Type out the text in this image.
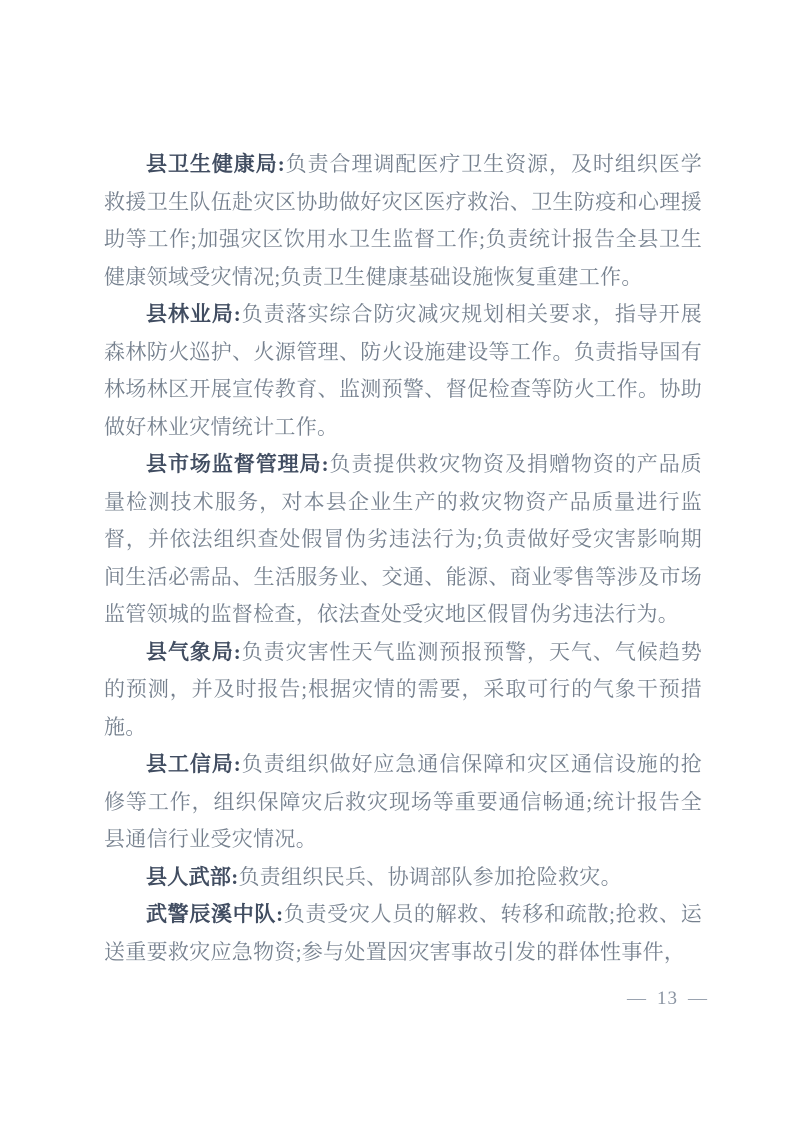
县卫生健康局:负责合理调配医疗卫生资源，及时组织医学救援卫生队伍赴灾区协助做好灾区医疗救治、卫生防疫和心理援助等工作;加强灾区饮用水卫生监督工作;负责统计报告全县卫生健康领域受灾情况;负责卫生健康基础设施恢复重建工作。

县林业局:负责落实综合防灾减灾规划相关要求，指导开展森林防火巡护、火源管理、防火设施建设等工作。负责指导国有林场林区开展宣传教育、监测预警、督促检查等防火工作。协助做好林业灾情统计工作。

县市场监督管理局:负责提供救灾物资及捐赠物资的产品质量检测技术服务，对本县企业生产的救灾物资产品质量进行监督，并依法组织查处假冒伪劣违法行为;负责做好受灾害影响期间生活必需品、生活服务业、交通、能源、商业零售等涉及市场监管领城的监督检查，依法查处受灾地区假冒伪劣违法行为。

县气象局:负责灾害性天气监测预报预警，天气、气候趋势的预测，并及时报告;根据灾情的需要，采取可行的气象干预措施。

县工信局:负责组织做好应急通信保障和灾区通信设施的抢修等工作，组织保障灾后救灾现场等重要通信畅通;统计报告全县通信行业受灾情况。

县人武部:负责组织民兵、协调部队参加抢险救灾。

武警辰溪中队:负责受灾人员的解救、转移和疏散;抢救、运送重要救灾应急物资;参与处置因灾害事故引发的群体性事件，

— 13 —
